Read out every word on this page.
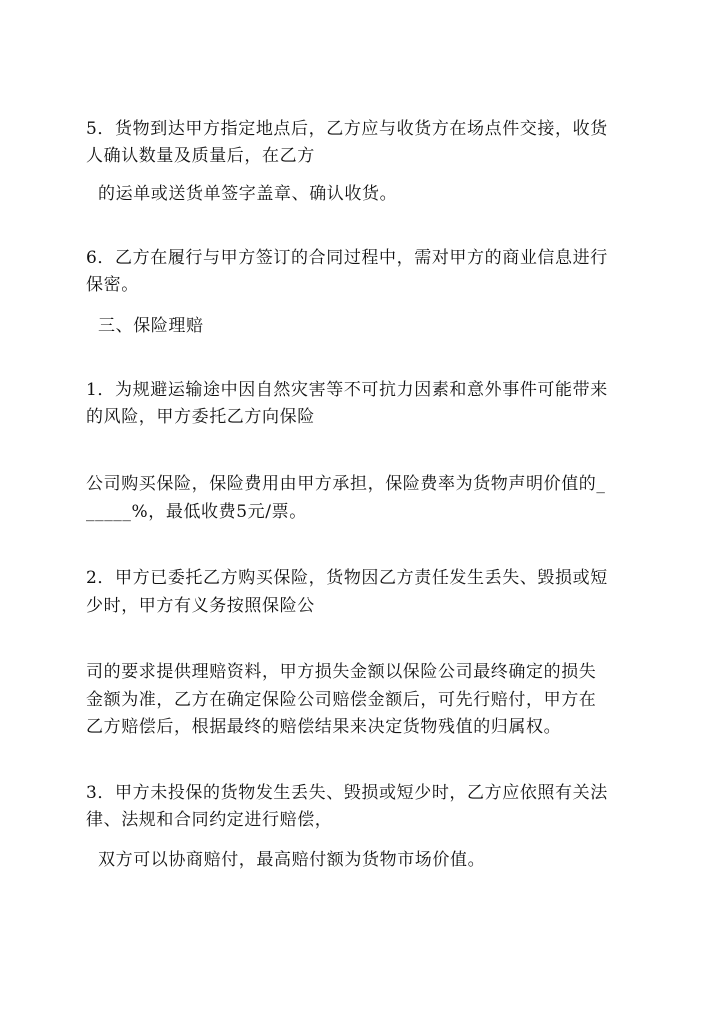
5．货物到达甲方指定地点后，乙方应与收货方在场点件交接，收货
人确认数量及质量后，在乙方
的运单或送货单签字盖章、确认收货。
6．乙方在履行与甲方签订的合同过程中，需对甲方的商业信息进行
保密。
三、保险理赔
1．为规避运输途中因自然灾害等不可抗力因素和意外事件可能带来
的风险，甲方委托乙方向保险
公司购买保险，保险费用由甲方承担，保险费率为货物声明价值的_
_____%，最低收费5元/票。
2．甲方已委托乙方购买保险，货物因乙方责任发生丢失、毁损或短
少时，甲方有义务按照保险公
司的要求提供理赔资料，甲方损失金额以保险公司最终确定的损失
金额为准，乙方在确定保险公司赔偿金额后，可先行赔付，甲方在
乙方赔偿后，根据最终的赔偿结果来决定货物残值的归属权。
3．甲方未投保的货物发生丢失、毁损或短少时，乙方应依照有关法
律、法规和合同约定进行赔偿，
双方可以协商赔付，最高赔付额为货物市场价值。
